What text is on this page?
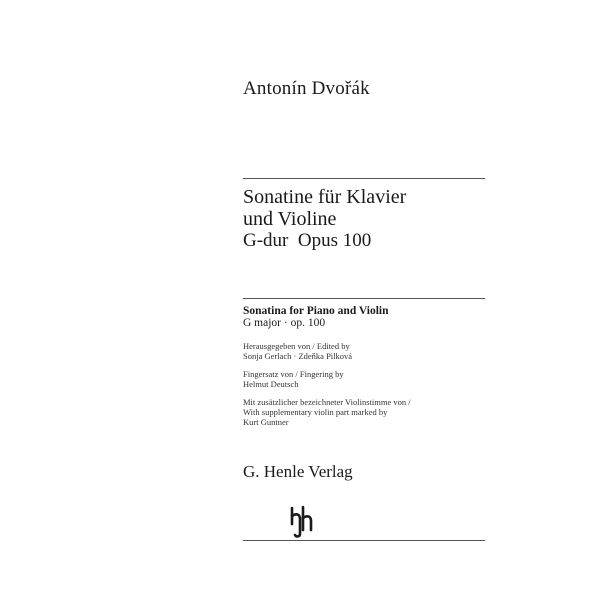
Antonín Dvořák
Sonatine für Klavier
und Violine
G-dur  Opus 100
Sonatina for Piano and Violin
G major · op. 100
Herausgegeben von / Edited by
Sonja Gerlach · Zdeňka Pilková
Fingersatz von / Fingering by
Helmut Deutsch
Mit zusätzlicher bezeichneter Violinstimme von /
With supplementary violin part marked by
Kurt Guntner
G. Henle Verlag
